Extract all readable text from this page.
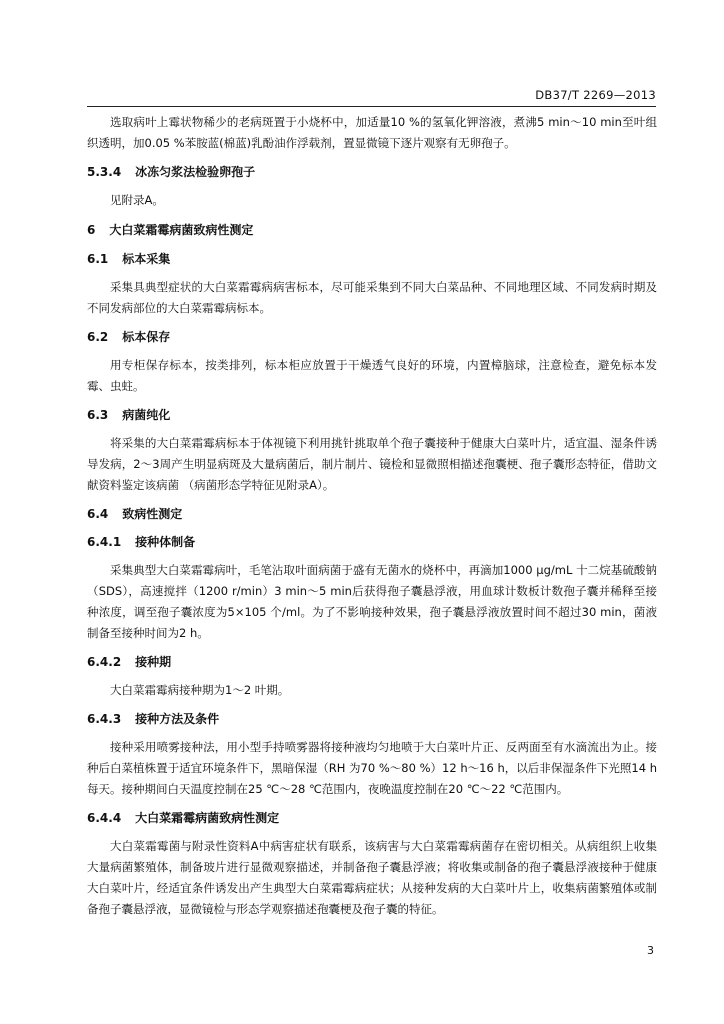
DB37/T 2269—2013

选取病叶上霉状物稀少的老病斑置于小烧杯中，加适量10 %的氢氧化钾溶液，煮沸5 min～10 min至叶组织透明，加0.05 %苯胺蓝(棉蓝)乳酚油作浮载剂，置显微镜下逐片观察有无卵孢子。

5.3.4 冰冻匀浆法检验卵孢子

见附录A。

6 大白菜霜霉病菌致病性测定

6.1 标本采集

采集具典型症状的大白菜霜霉病病害标本，尽可能采集到不同大白菜品种、不同地理区域、不同发病时期及不同发病部位的大白菜霜霉病标本。

6.2 标本保存

用专柜保存标本，按类排列，标本柜应放置于干燥透气良好的环境，内置樟脑球，注意检查，避免标本发霉、虫蛀。

6.3 病菌纯化

将采集的大白菜霜霉病标本于体视镜下利用挑针挑取单个孢子囊接种于健康大白菜叶片，适宜温、湿条件诱导发病，2～3周产生明显病斑及大量病菌后，制片制片、镜检和显微照相描述孢囊梗、孢子囊形态特征，借助文献资料鉴定该病菌 （病菌形态学特征见附录A）。

6.4 致病性测定

6.4.1 接种体制备

采集典型大白菜霜霉病叶，毛笔沾取叶面病菌于盛有无菌水的烧杯中，再滴加1000 μg/mL 十二烷基硫酸钠（SDS），高速搅拌（1200 r/min）3 min～5 min后获得孢子囊悬浮液，用血球计数板计数孢子囊并稀释至接种浓度，调至孢子囊浓度为5×105 个/ml。为了不影响接种效果，孢子囊悬浮液放置时间不超过30 min，菌液制备至接种时间为2 h。

6.4.2 接种期

大白菜霜霉病接种期为1～2 叶期。

6.4.3 接种方法及条件

接种采用喷雾接种法，用小型手持喷雾器将接种液均匀地喷于大白菜叶片正、反两面至有水滴流出为止。接种后白菜植株置于适宜环境条件下，黑暗保湿（RH 为70 %～80 %）12 h～16 h，以后非保湿条件下光照14 h每天。接种期间白天温度控制在25 ℃～28 ℃范围内，夜晚温度控制在20 ℃～22 ℃范围内。

6.4.4 大白菜霜霉病菌致病性测定

大白菜霜霉菌与附录性资料A中病害症状有联系，该病害与大白菜霜霉病菌存在密切相关。从病组织上收集大量病菌繁殖体，制备玻片进行显微观察描述，并制备孢子囊悬浮液；将收集或制备的孢子囊悬浮液接种于健康大白菜叶片，经适宜条件诱发出产生典型大白菜霜霉病症状；从接种发病的大白菜叶片上，收集病菌繁殖体或制备孢子囊悬浮液，显微镜检与形态学观察描述孢囊梗及孢子囊的特征。

3
